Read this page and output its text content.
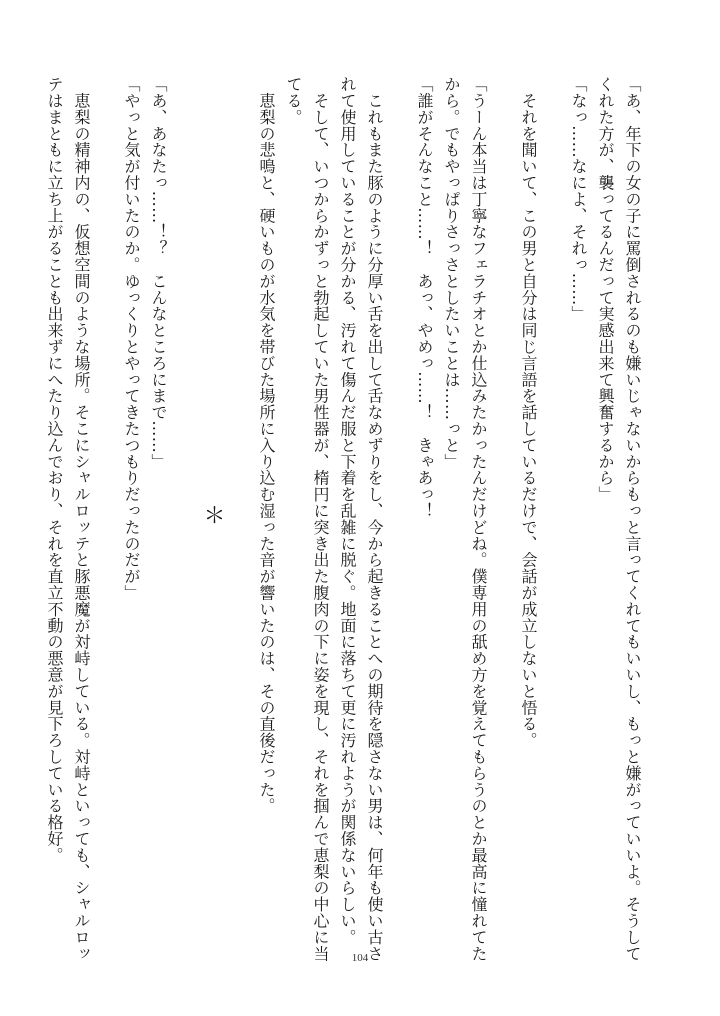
「あ、年下の女の子に罵倒されるのも嫌いじゃないからもっと言ってくれてもいいし、もっと嫌がっていいよ。そうして
くれた方が、襲ってるんだって実感出来て興奮するから」
「なっ……なによ、それっ……」
　それを聞いて、この男と自分は同じ言語を話しているだけで、会話が成立しないと悟る。
「うーん本当は丁寧なフェラチオとか仕込みたかったんだけどね。僕専用の舐め方を覚えてもらうのとか最高に憧れてた
から。でもやっぱりさっさとしたいことは……っと」
「誰がそんなこと……！　あっ、やめっ……！　きゃあっ！
　これもまた豚のように分厚い舌を出して舌なめずりをし、今から起きることへの期待を隠さない男は、何年も使い古さ
れて使用していることが分かる、汚れて傷んだ服と下着を乱雑に脱ぐ。地面に落ちて更に汚れようが関係ないらしい。
　そして、いつからかずっと勃起していた男性器が、楕円に突き出た腹肉の下に姿を現し、それを掴んで恵梨の中心に当
てる。
　恵梨の悲鳴と、硬いものが水気を帯びた場所に入り込む湿った音が響いたのは、その直後だった。
＊
「あ、あなたっ……！？　こんなところにまで……」
「やっと気が付いたのか。ゆっくりとやってきたつもりだったのだが」
　恵梨の精神内の、仮想空間のような場所。そこにシャルロッテと豚悪魔が対峙している。対峙といっても、シャルロッ
テはまともに立ち上がることも出来ずにへたり込んでおり、それを直立不動の悪意が見下ろしている格好。
104
